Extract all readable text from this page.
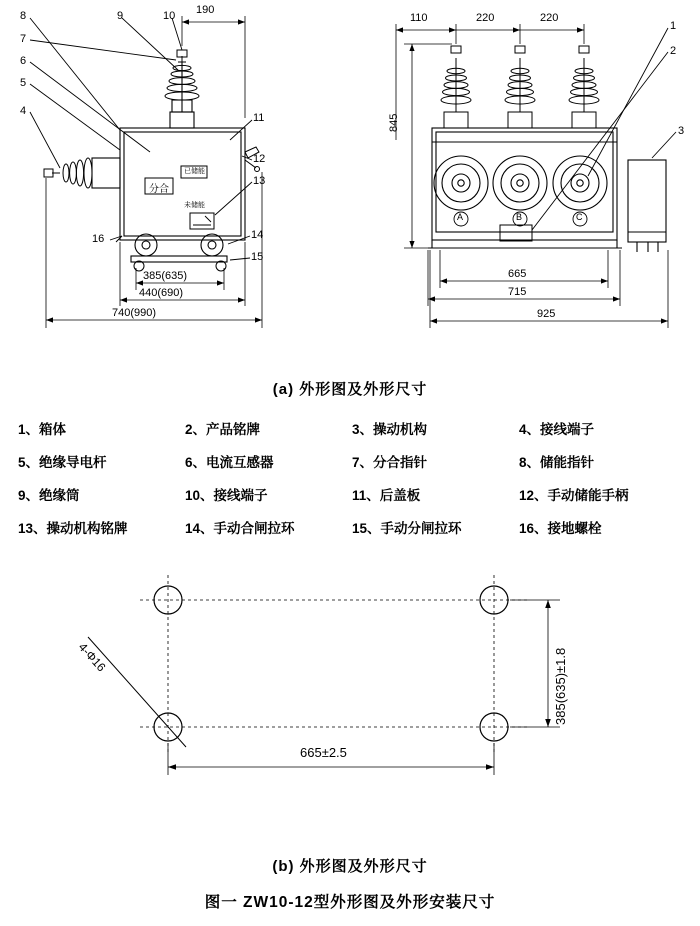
8
7
6
5
4
9	10
11
12
13
14
15
16
190
385(635)
440(690)
740(990)
已储能
未储能
分合
1
2
3
110	220	220
845
665
715
925
A	B	C
(a) 外形图及外形尺寸
1、箱体	2、产品铭牌	3、操动机构	4、接线端子
5、绝缘导电杆	6、电流互感器	7、分合指针	8、储能指针
9、绝缘筒	10、接线端子	11、后盖板	12、手动储能手柄
13、操动机构铭牌	14、手动合闸拉环	15、手动分闸拉环	16、接地螺栓
4-Φ16
665±2.5
385(635)±1.8
(b) 外形图及外形尺寸
图一 ZW10-12型外形图及外形安装尺寸
